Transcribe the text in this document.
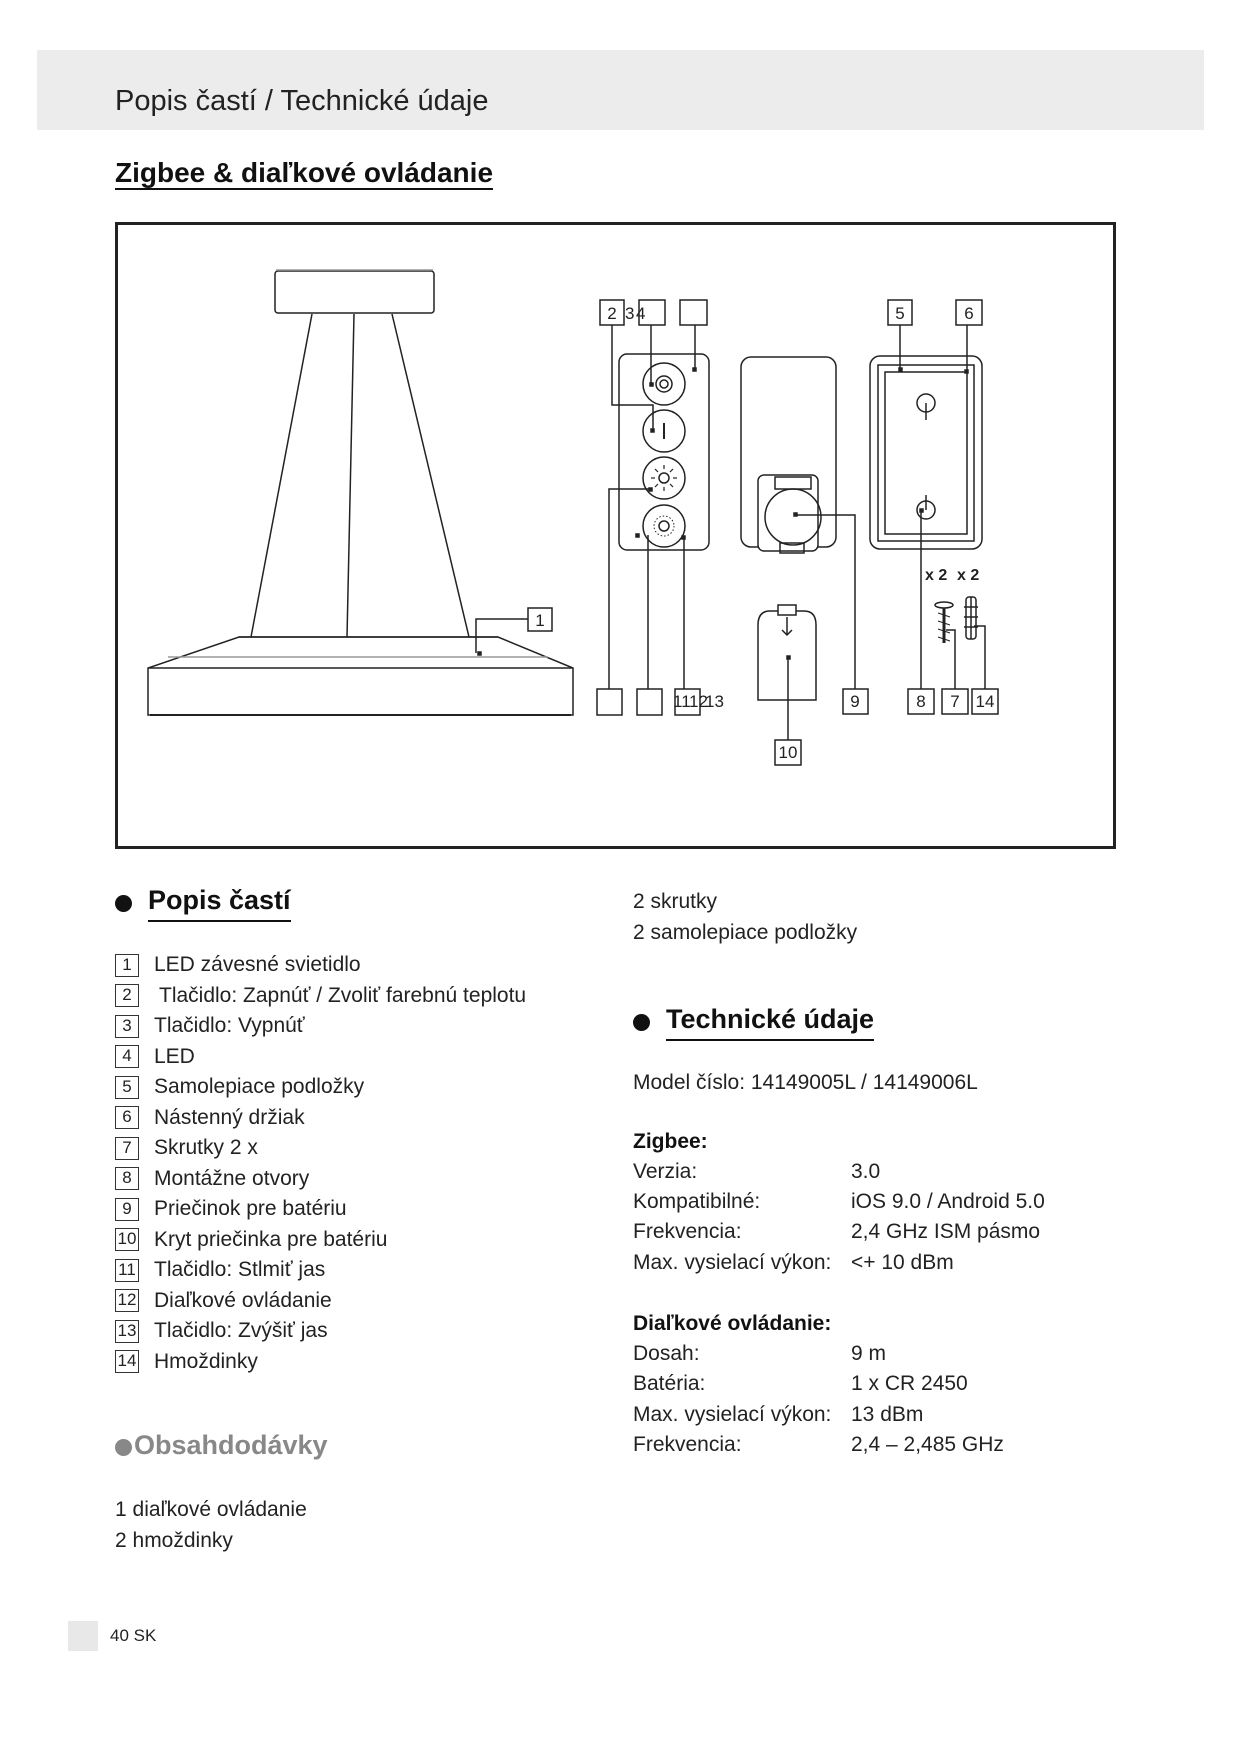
Popis častí / Technické údaje
Zigbee & diaľkové ovládanie
1
x 2 x 2
2 3 4	5	6
11
12
13	9	8 7 14
10
Popis častí
1	LED závesné svietidlo
2	Tlačidlo: Zapnúť / Zvoliť farebnú teplotu
3	Tlačidlo: Vypnúť
4	LED
5	Samolepiace podložky
6	Nástenný držiak
7	Skrutky 2 x
8	Montážne otvory
9	Priečinok pre batériu
10 Kryt priečinka pre batériu
11 Tlačidlo: Stlmiť jas
12 Diaľkové ovládanie
13 Tlačidlo: Zvýšiť jas
14 Hmoždinky
Obsahdodávky
1 diaľkové ovládanie
2 hmoždinky
2 skrutky
2 samolepiace podložky
Technické údaje
Model číslo: 14149005L / 14149006L
Zigbee:
Verzia:	3.0
Kompatibilné:	iOS 9.0 / Android 5.0
Frekvencia:	2,4 GHz ISM pásmo
Max. vysielací výkon: <+ 10 dBm
Diaľkové ovládanie:
Dosah:	9 m
Batéria:	1 x CR 2450
Max. vysielací výkon: 13 dBm
Frekvencia:	2,4 – 2,485 GHz
40 SK
